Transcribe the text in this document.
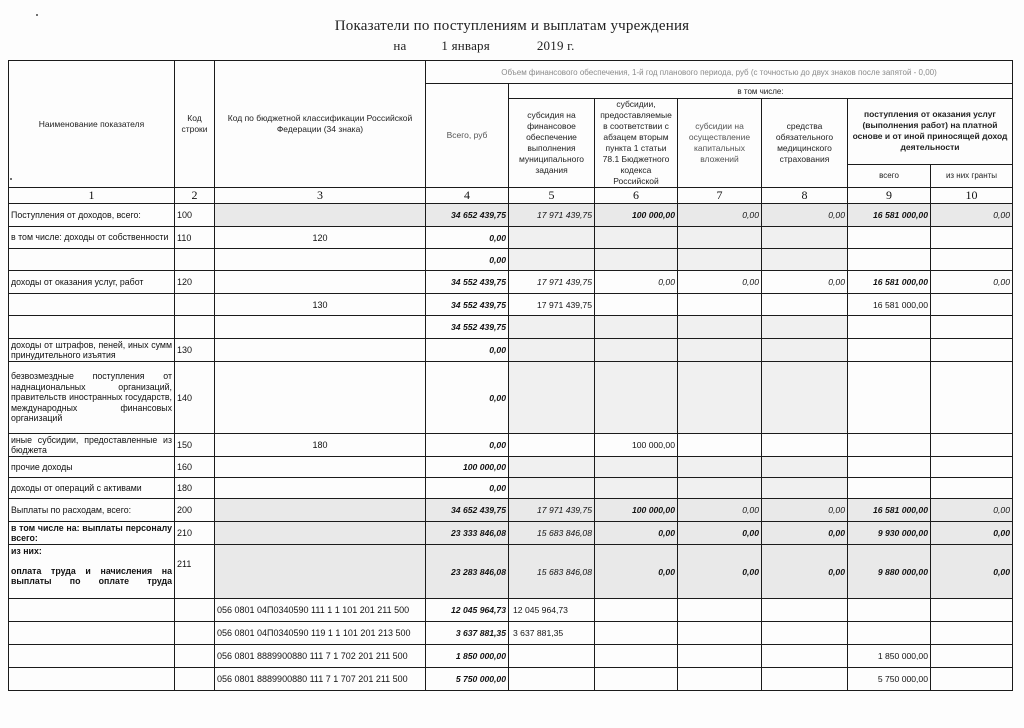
Показатели по поступлениям и выплатам учреждения
на	1 января	2019 г.
Наименование показателя	Код строки	Код по бюджетной классификации Российской Федерации (34 знака)	Объем финансового обеспечения, 1-й год планового периода, руб (с точностью до двух знаков после запятой - 0,00)						
			Всего, руб	в том числе:					
				субсидия на финансовое обеспечение выполнения муниципального задания	субсидии, предоставляемые в соответствии с абзацем вторым пункта 1 статьи 78.1 Бюджетного кодекса Российской	субсидии на осуществление капитальных вложений	средства обязательного медицинского страхования	поступления от оказания услуг (выполнения работ) на платной основе и от иной приносящей доход деятельности	
								всего	из них гранты
1	2	3	4	5	6	7	8	9	10
Поступления от доходов, всего:	100		34 652 439,75	17 971 439,75	100 000,00	0,00	0,00	16 581 000,00	0,00
в том числе: доходы от собственности	110	120	0,00						
			0,00						
доходы от оказания услуг, работ	120		34 552 439,75	17 971 439,75	0,00	0,00	0,00	16 581 000,00	0,00
		130	34 552 439,75	17 971 439,75				16 581 000,00	
			34 552 439,75						
доходы от штрафов, пеней, иных сумм принудительного изъятия	130		0,00						
безвозмездные поступления от наднациональных организаций, правительств иностранных государств, международных финансовых организаций	140		0,00						
иные субсидии, предоставленные из бюджета	150	180	0,00		100 000,00				
прочие доходы	160		100 000,00						
доходы от операций с активами	180		0,00						
Выплаты по расходам, всего:	200		34 652 439,75	17 971 439,75	100 000,00	0,00	0,00	16 581 000,00	0,00
в том числе на: выплаты персоналу всего:	210		23 333 846,08	15 683 846,08	0,00	0,00	0,00	9 930 000,00	0,00

из них:
оплата труда и начисления на выплаты по оплате труда	211		23 283 846,08	15 683 846,08	0,00	0,00	0,00	9 880 000,00	0,00
		056 0801 04П0340590 111 1 1 101 201 211 500	12 045 964,73	12 045 964,73					
		056 0801 04П0340590 119 1 1 101 201 213 500	3 637 881,35	3 637 881,35					
		056 0801 8889900880 111 7 1 702 201 211 500	1 850 000,00					1 850 000,00	
		056 0801 8889900880 111 7 1 707 201 211 500	5 750 000,00					5 750 000,00	
